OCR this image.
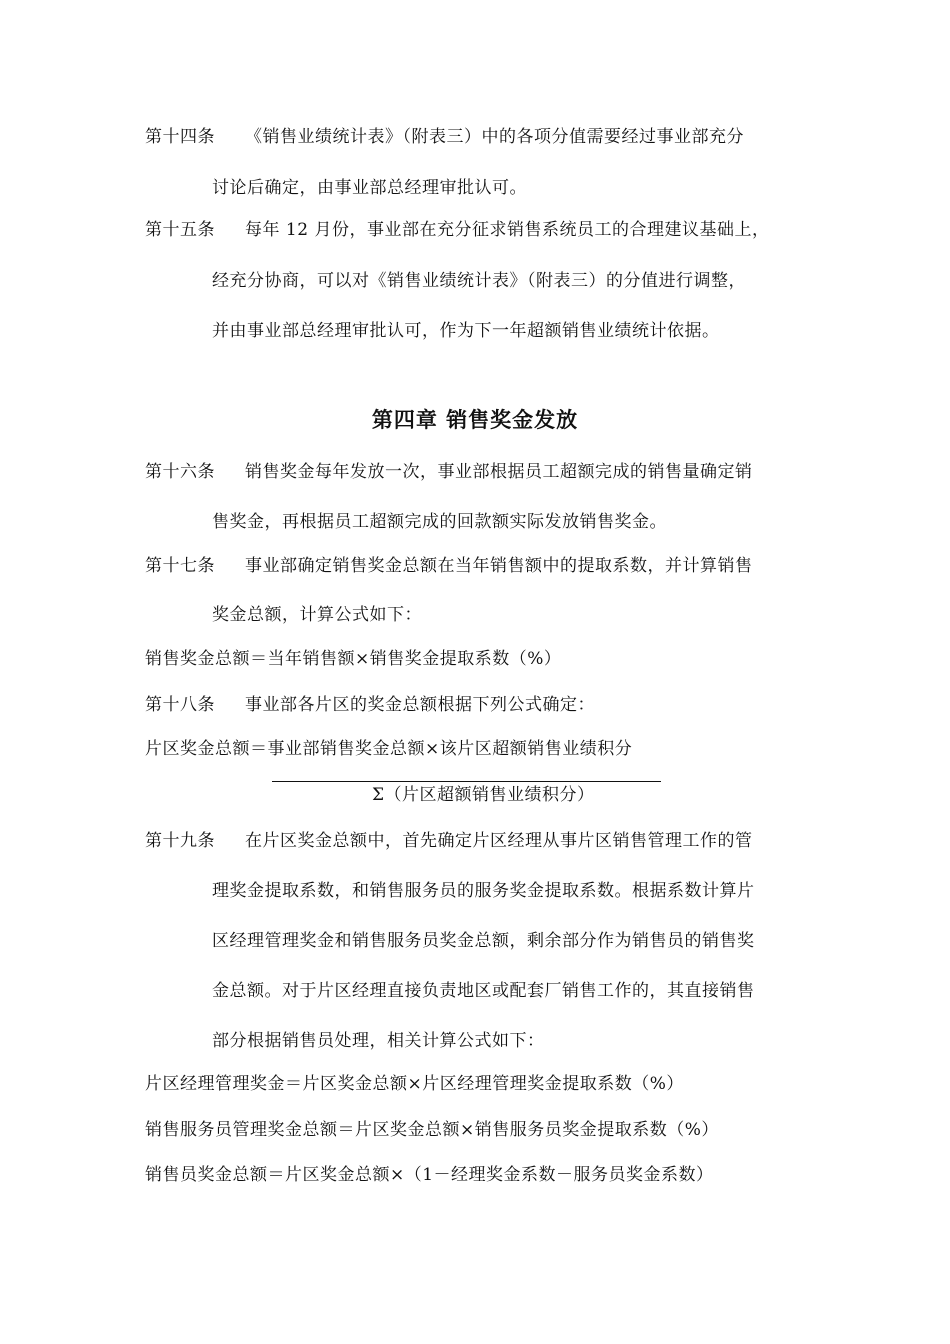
第十四条 《销售业绩统计表》（附表三）中的各项分值需要经过事业部充分
讨论后确定，由事业部总经理审批认可。
第十五条 每年 12 月份，事业部在充分征求销售系统员工的合理建议基础上，
经充分协商，可以对《销售业绩统计表》（附表三）的分值进行调整，
并由事业部总经理审批认可，作为下一年超额销售业绩统计依据。
第四章 销售奖金发放
第十六条 销售奖金每年发放一次，事业部根据员工超额完成的销售量确定销
售奖金，再根据员工超额完成的回款额实际发放销售奖金。
第十七条 事业部确定销售奖金总额在当年销售额中的提取系数，并计算销售
奖金总额，计算公式如下：
销售奖金总额＝当年销售额×销售奖金提取系数（%）
第十八条 事业部各片区的奖金总额根据下列公式确定：
片区奖金总额＝事业部销售奖金总额×该片区超额销售业绩积分
Σ（片区超额销售业绩积分）
第十九条 在片区奖金总额中，首先确定片区经理从事片区销售管理工作的管
理奖金提取系数，和销售服务员的服务奖金提取系数。根据系数计算片
区经理管理奖金和销售服务员奖金总额，剩余部分作为销售员的销售奖
金总额。对于片区经理直接负责地区或配套厂销售工作的，其直接销售
部分根据销售员处理，相关计算公式如下：
片区经理管理奖金＝片区奖金总额×片区经理管理奖金提取系数（%）
销售服务员管理奖金总额＝片区奖金总额×销售服务员奖金提取系数（%）
销售员奖金总额＝片区奖金总额×（1－经理奖金系数－服务员奖金系数）
